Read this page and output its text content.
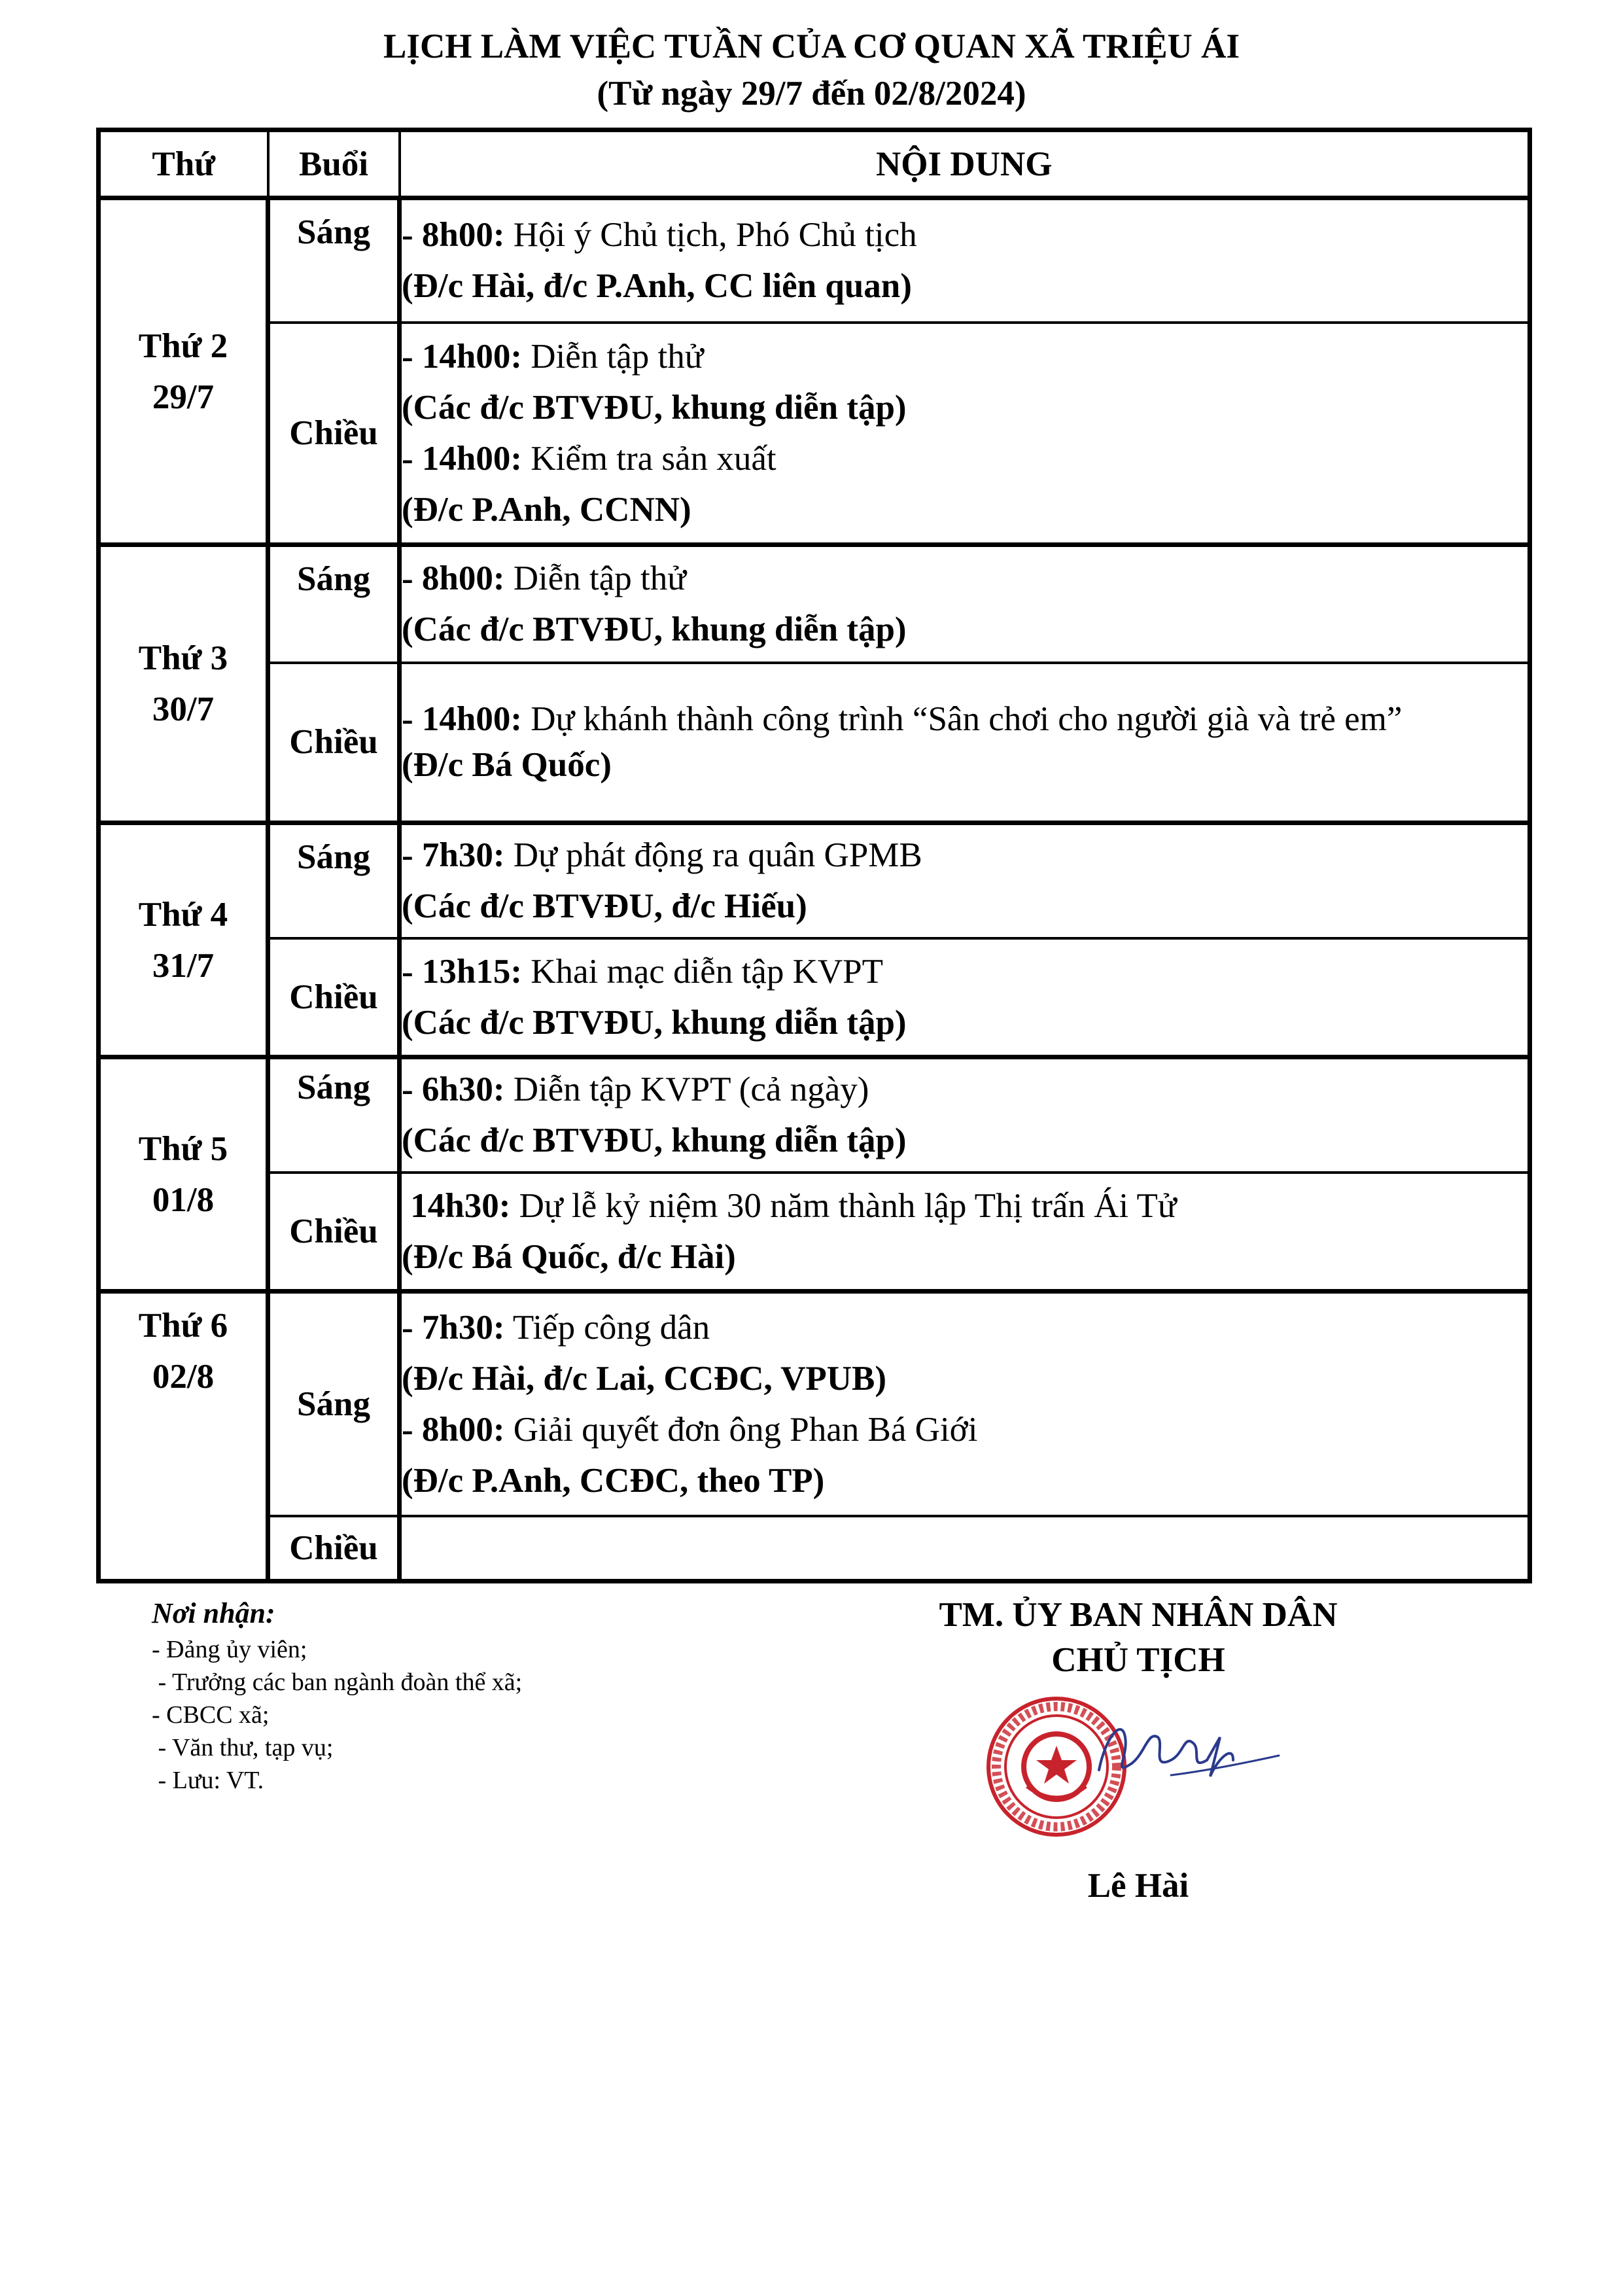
LỊCH LÀM VIỆC TUẦN CỦA CƠ QUAN XÃ TRIỆU ÁI
(Từ ngày 29/7 đến 02/8/2024)
Thứ	Buổi	NỘI DUNG

Thứ 2
29/7	Sáng	- 8h00: Hội ý Chủ tịch, Phó Chủ tịch
(Đ/c Hài, đ/c P.Anh, CC liên quan)

	Chiều	- 14h00: Diễn tập thử
(Các đ/c BTVĐU, khung diễn tập)
- 14h00: Kiểm tra sản xuất
(Đ/c P.Anh, CCNN)

Thứ 3
30/7	Sáng	- 8h00: Diễn tập thử
(Các đ/c BTVĐU, khung diễn tập)

	Chiều	- 14h00: Dự khánh thành công trình “Sân chơi cho người già và trẻ em”
(Đ/c Bá Quốc)

Thứ 4
31/7	Sáng	- 7h30: Dự phát động ra quân GPMB
(Các đ/c BTVĐU, đ/c Hiếu)

	Chiều	- 13h15: Khai mạc diễn tập KVPT
(Các đ/c BTVĐU, khung diễn tập)

Thứ 5
01/8	Sáng	- 6h30: Diễn tập KVPT (cả ngày)
(Các đ/c BTVĐU, khung diễn tập)

	Chiều	14h30: Dự lễ kỷ niệm 30 năm thành lập Thị trấn Ái Tử
(Đ/c Bá Quốc, đ/c Hài)

Thứ 6
02/8	Sáng	- 7h30: Tiếp công dân
(Đ/c Hài, đ/c Lai, CCĐC, VPUB)
- 8h00: Giải quyết đơn ông Phan Bá Giới
(Đ/c P.Anh, CCĐC, theo TP)

	Chiều	

Nơi nhận:
- Đảng ủy viên;
- Trưởng các ban ngành đoàn thể xã;
- CBCC xã;
- Văn thư, tạp vụ;
- Lưu: VT.
TM. ỦY BAN NHÂN DÂN
CHỦ TỊCH
Lê Hài
